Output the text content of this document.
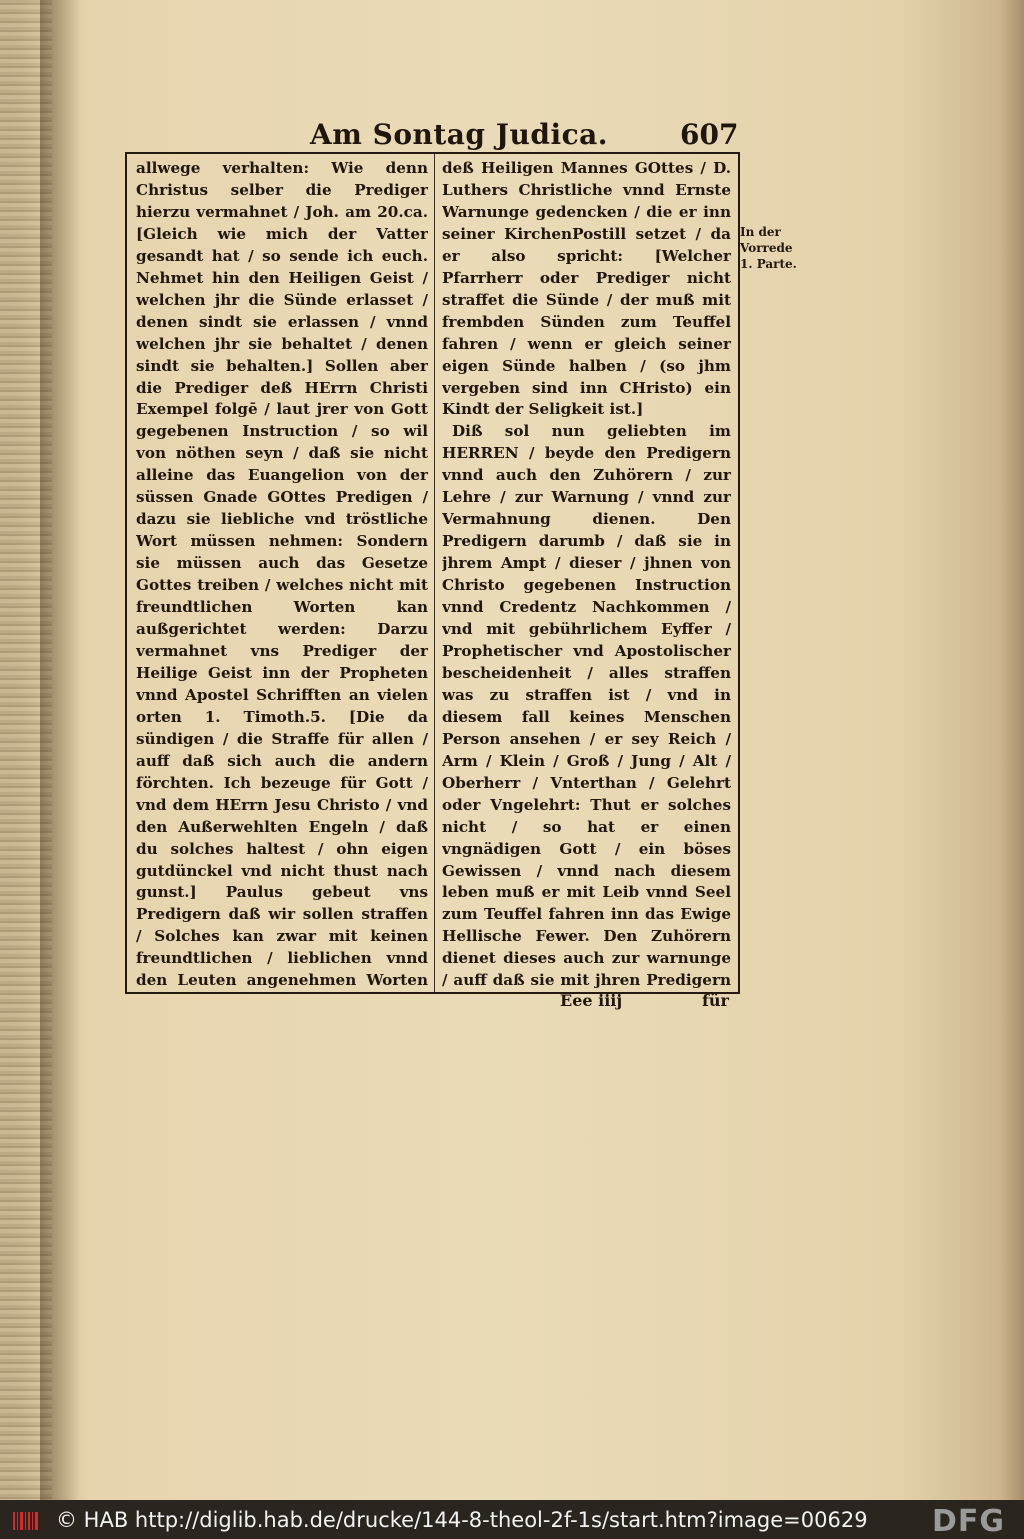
Am Sontag Judica.	607

allwege verhalten: Wie denn Christus selber die Prediger hierzu vermahnet / Joh. am 20.ca. [Gleich wie mich der Vatter gesandt hat / so sende ich euch. Nehmet hin den Heiligen Geist / welchen jhr die Sünde erlasset / denen sindt sie erlassen / vnnd welchen jhr sie behaltet / denen sindt sie behalten.] Sollen aber die Prediger deß HErrn Christi Exempel folgē / laut jrer von Gott gegebenen Instruction / so wil von nöthen seyn / daß sie nicht alleine das Euangelion von der süssen Gnade GOttes Predigen / dazu sie liebliche vnd tröstliche Wort müssen nehmen: Sondern sie müssen auch das Gesetze Gottes treiben / welches nicht mit freundtlichen Worten kan außgerichtet werden: Darzu vermahnet vns Prediger der Heilige Geist inn der Propheten vnnd Apostel Schrifften an vielen orten 1. Timoth.5. [Die da sündigen / die Straffe für allen / auff daß sich auch die andern förchten. Ich bezeuge für Gott / vnd dem HErrn Jesu Christo / vnd den Außerwehlten Engeln / daß du solches haltest / ohn eigen gutdünckel vnd nicht thust nach gunst.] Paulus gebeut vns Predigern daß wir sollen straffen / Solches kan zwar mit keinen freundtlichen / lieblichen vnnd den Leuten angenehmen Worten

deß Heiligen Mannes GOttes / D. Luthers Christliche vnnd Ernste Warnunge gedencken / die er inn seiner KirchenPostill setzet / da er also spricht: [Welcher Pfarrherr oder Prediger nicht straffet die Sünde / der muß mit frembden Sünden zum Teuffel fahren / wenn er gleich seiner eigen Sünde halben / (so jhm vergeben sind inn CHristo) ein Kindt der Seligkeit ist.]

Diß sol nun geliebten im HERREN / beyde den Predigern vnnd auch den Zuhörern / zur Lehre / zur Warnung / vnnd zur Vermahnung dienen. Den Predigern darumb / daß sie in jhrem Ampt / dieser / jhnen von Christo gegebenen Instruction vnnd Credentz Nachkommen / vnd mit gebührlichem Eyffer / Prophetischer vnd Apostolischer bescheidenheit / alles straffen was zu straffen ist / vnd in diesem fall keines Menschen Person ansehen / er sey Reich / Arm / Klein / Groß / Jung / Alt / Oberherr / Vnterthan / Gelehrt oder Vngelehrt: Thut er solches nicht / so hat er einen vngnädigen Gott / ein böses Gewissen / vnnd nach diesem leben muß er mit Leib vnnd Seel zum Teuffel fahren inn das Ewige Hellische Fewer. Den Zuhörern dienet dieses auch zur warnunge / auff daß sie mit jhren Predigern

In der Vorrede 1. Parte.
Eee iiij	für
© HAB http://diglib.hab.de/drucke/144-8-theol-2f-1s/start.htm?image=00629 DFG
